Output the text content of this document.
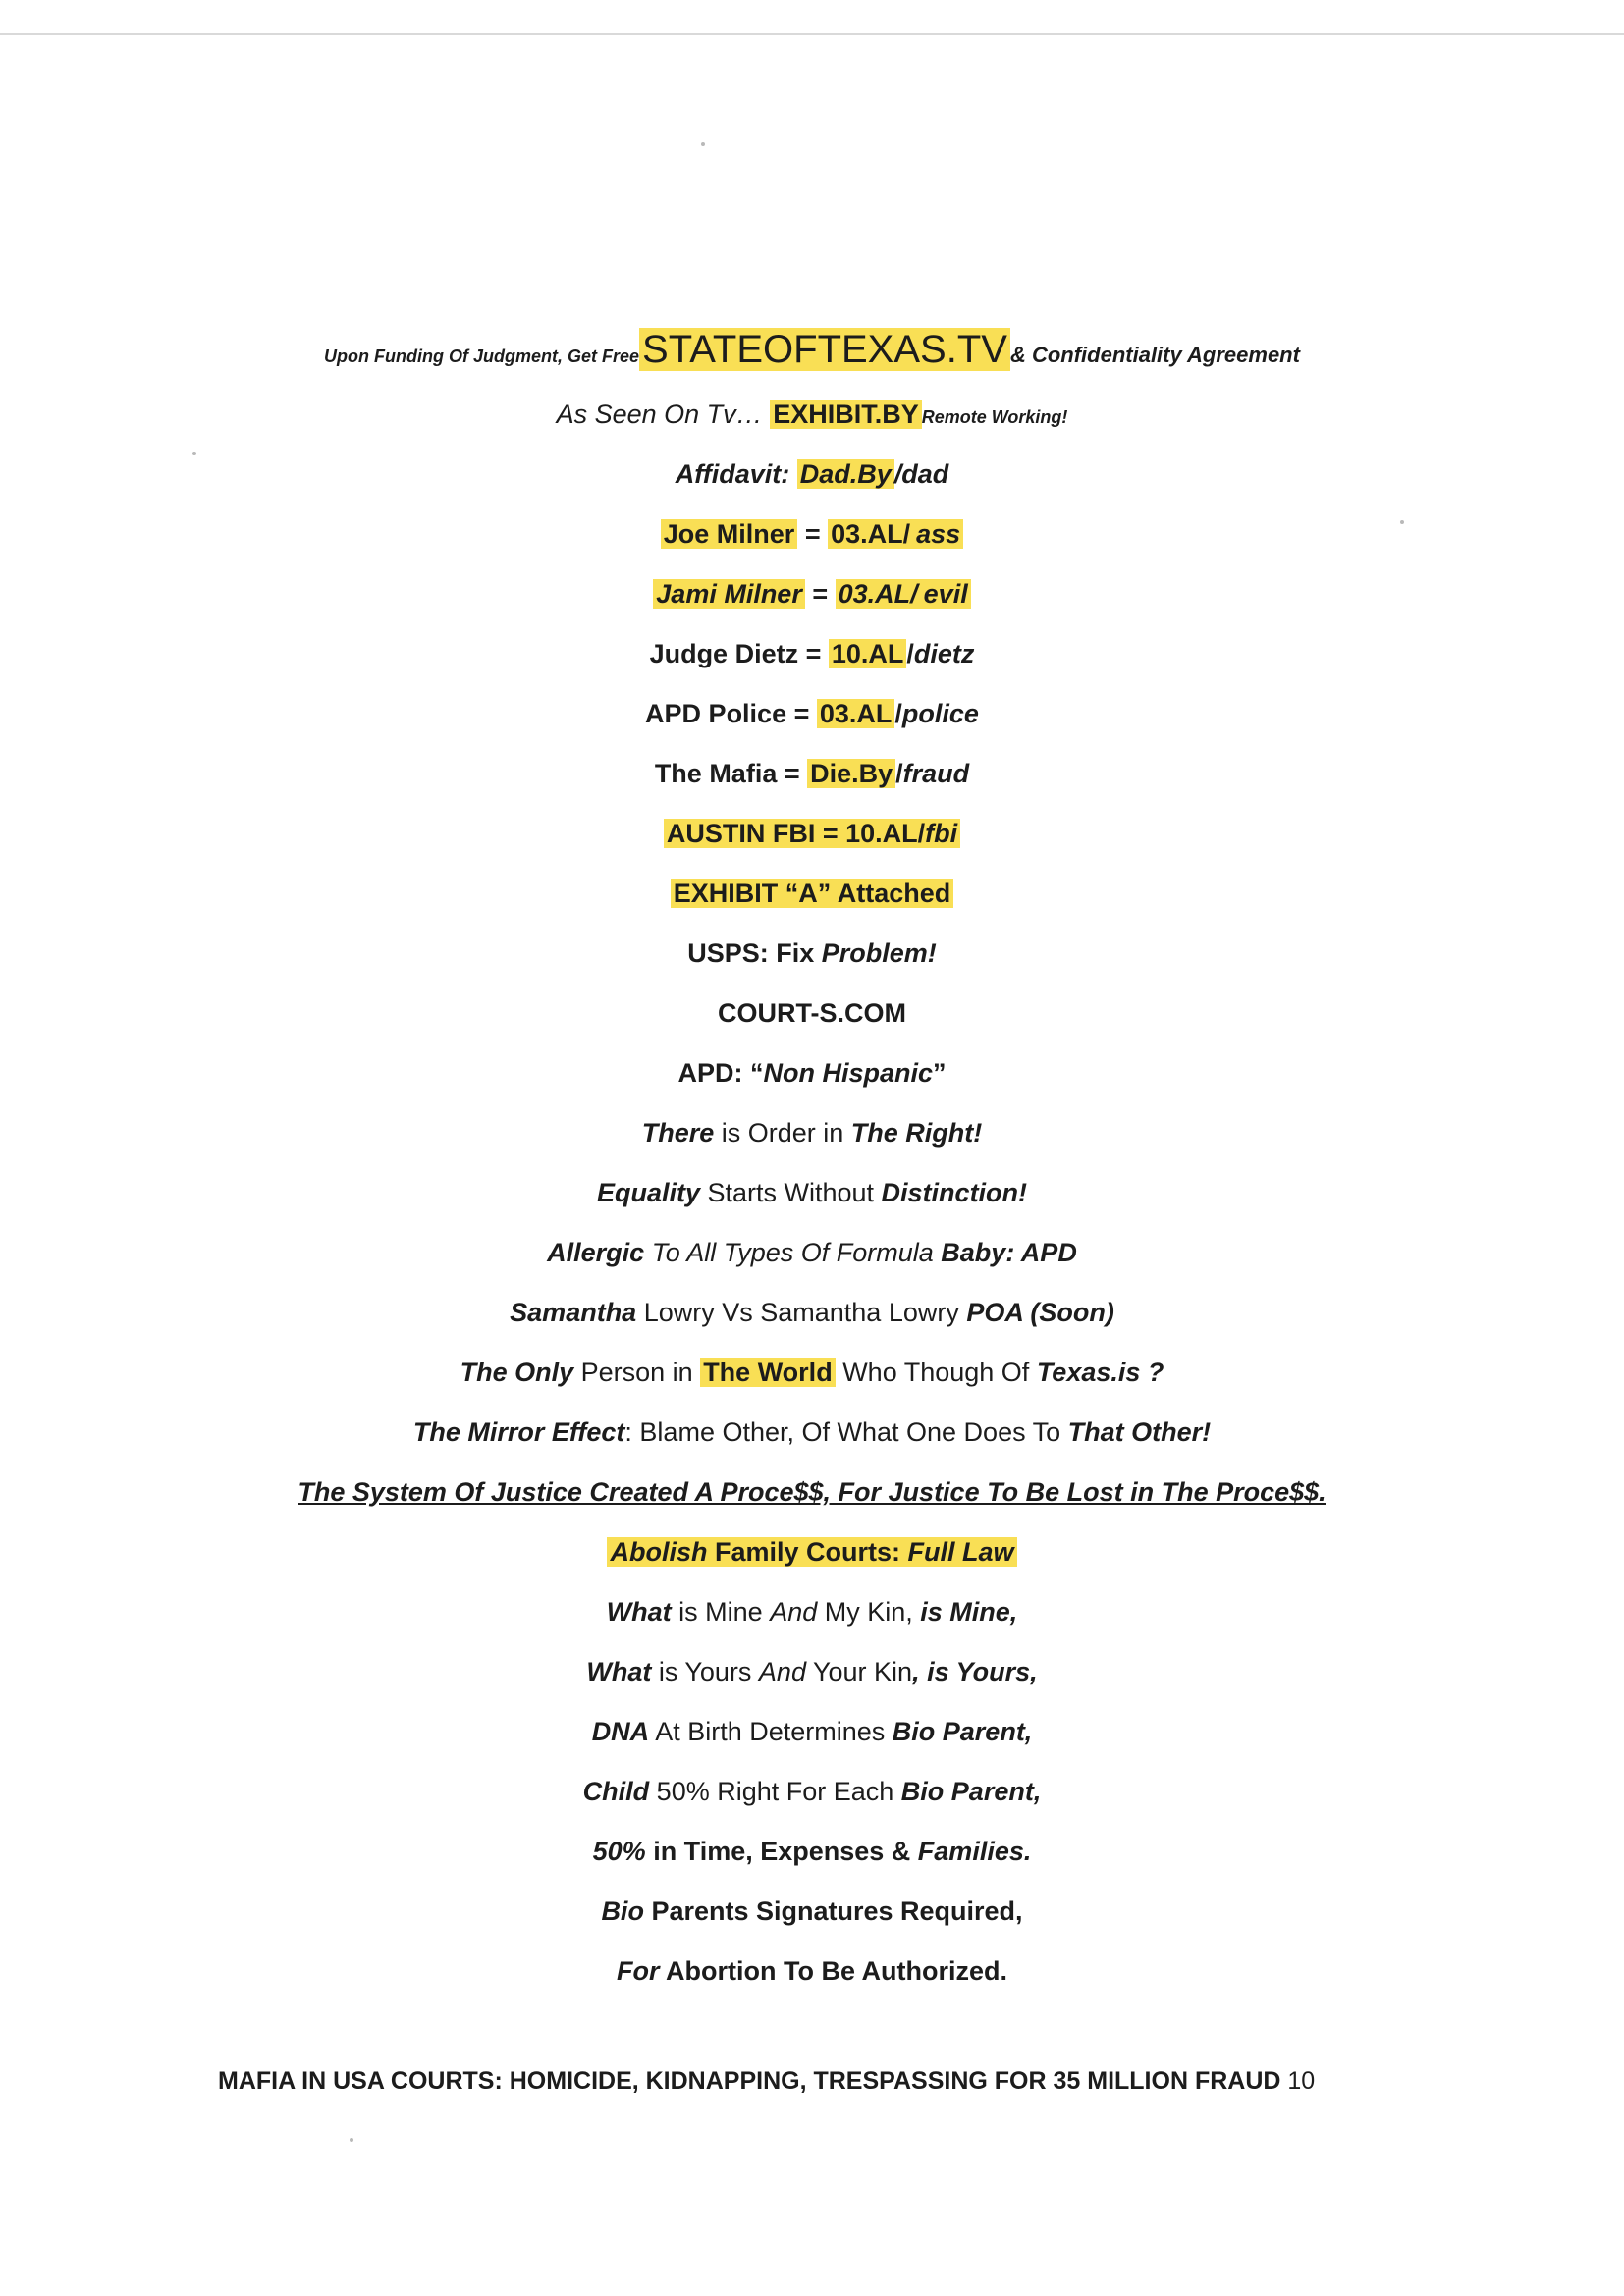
Upon Funding Of Judgment, Get FreeSTATEOFTEXAS.TV & Confidentiality Agreement
As Seen On Tv… EXHIBIT.BY Remote Working!
Affidavit: Dad.By /dad
Joe Milner = 03.AL/ ass
Jami Milner = 03.AL/ evil
Judge Dietz = 10.AL /dietz
APD Police = 03.AL /police
The Mafia = Die.By /fraud
AUSTIN FBI = 10.AL/fbi
EXHIBIT “A” Attached
USPS: Fix Problem!
COURT-S.COM
APD: “Non Hispanic”
There is Order in The Right!
Equality Starts Without Distinction!
Allergic To All Types Of Formula Baby: APD
Samantha Lowry Vs Samantha Lowry POA (Soon)
The Only Person in The World Who Though Of Texas.is ?
The Mirror Effect: Blame Other, Of What One Does To That Other!
The System Of Justice Created A Proce$$, For Justice To Be Lost in The Proce$$.
Abolish Family Courts: Full Law
What is Mine And My Kin, is Mine,
What is Yours And Your Kin, is Yours,
DNA At Birth Determines Bio Parent,
Child 50% Right For Each Bio Parent,
50% in Time, Expenses & Families.
Bio Parents Signatures Required,
For Abortion To Be Authorized.
MAFIA IN USA COURTS: HOMICIDE, KIDNAPPING, TRESPASSING FOR 35 MILLION FRAUD 10
